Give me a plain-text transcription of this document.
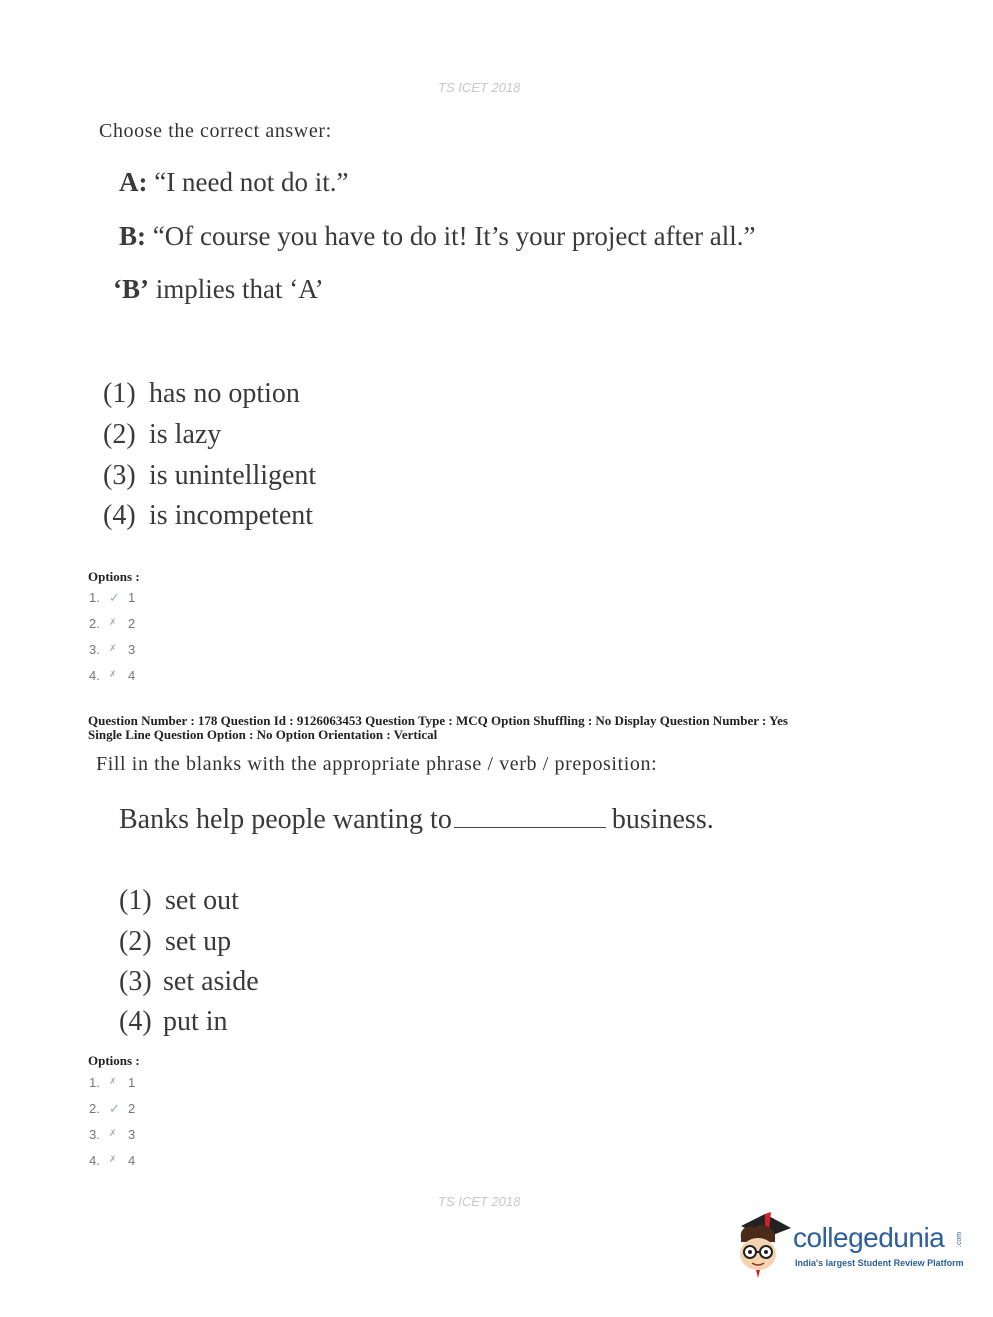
TS ICET 2018
Choose the correct answer:
A: “I need not do it.”
B: “Of course you have to do it! It’s your project after all.”
‘B’ implies that ‘A’
(1) has no option
(2) is lazy
(3) is unintelligent
(4) is incompetent
Options :
1. ✓ 1
2. ✗ 2
3. ✗ 3
4. ✗ 4
Question Number : 178 Question Id : 9126063453 Question Type : MCQ Option Shuffling : No Display Question Number : Yes
Single Line Question Option : No Option Orientation : Vertical
Fill in the blanks with the appropriate phrase / verb / preposition:
Banks help people wanting to	business.
(1) set out
(2) set up
(3) set aside
(4) put in
Options :
1. ✗ 1
2. ✓ 2
3. ✗ 3
4. ✗ 4
TS ICET 2018
collegedunia .com
India's largest Student Review Platform
